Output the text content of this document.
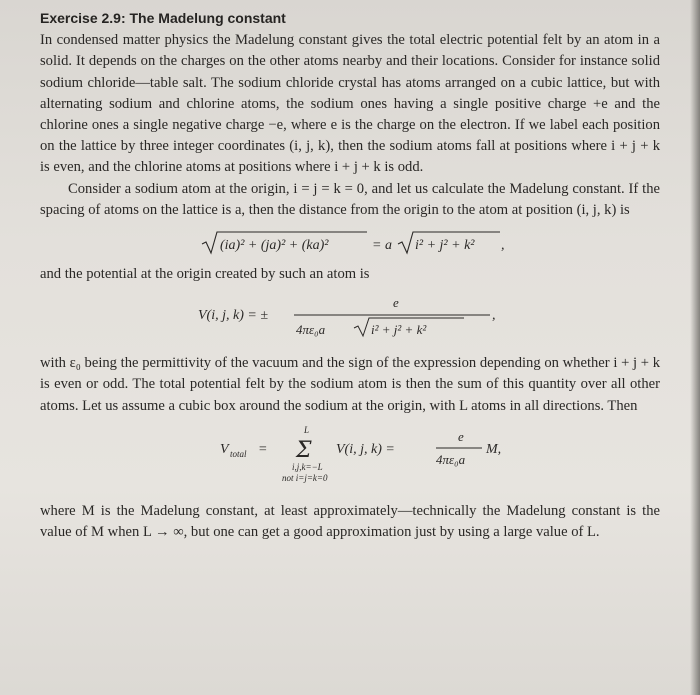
Exercise 2.9: The Madelung constant

In condensed matter physics the Madelung constant gives the total electric potential felt by an atom in a solid. It depends on the charges on the other atoms nearby and their locations. Consider for instance solid sodium chloride—table salt. The sodium chloride crystal has atoms arranged on a cubic lattice, but with alternating sodium and chlorine atoms, the sodium ones having a single positive charge +e and the chlorine ones a single negative charge −e, where e is the charge on the electron. If we label each position on the lattice by three integer coordinates (i, j, k), then the sodium atoms fall at positions where i + j + k is even, and the chlorine atoms at positions where i + j + k is odd.

Consider a sodium atom at the origin, i = j = k = 0, and let us calculate the Madelung constant. If the spacing of atoms on the lattice is a, then the distance from the origin to the atom at position (i, j, k) is

(ia)² + (ja)² + (ka)²	= a i² + j² + k² ,

and the potential at the origin created by such an atom is

V(i, j, k) = ±
e
4πε₀a	i² + j² + k²
,

with ε₀ being the permittivity of the vacuum and the sign of the expression depending on whether i + j + k is even or odd. The total potential felt by the sodium atom is then the sum of this quantity over all other atoms. Let us assume a cubic box around the sodium at the origin, with L atoms in all directions. Then

V total =
L
Σ
i,j,k=−L
not i=j=k=0
V(i, j, k) =
e
4πε₀a
M,

where M is the Madelung constant, at least approximately—technically the Madelung constant is the value of M when L → ∞, but one can get a good approximation just by using a large value of L.
